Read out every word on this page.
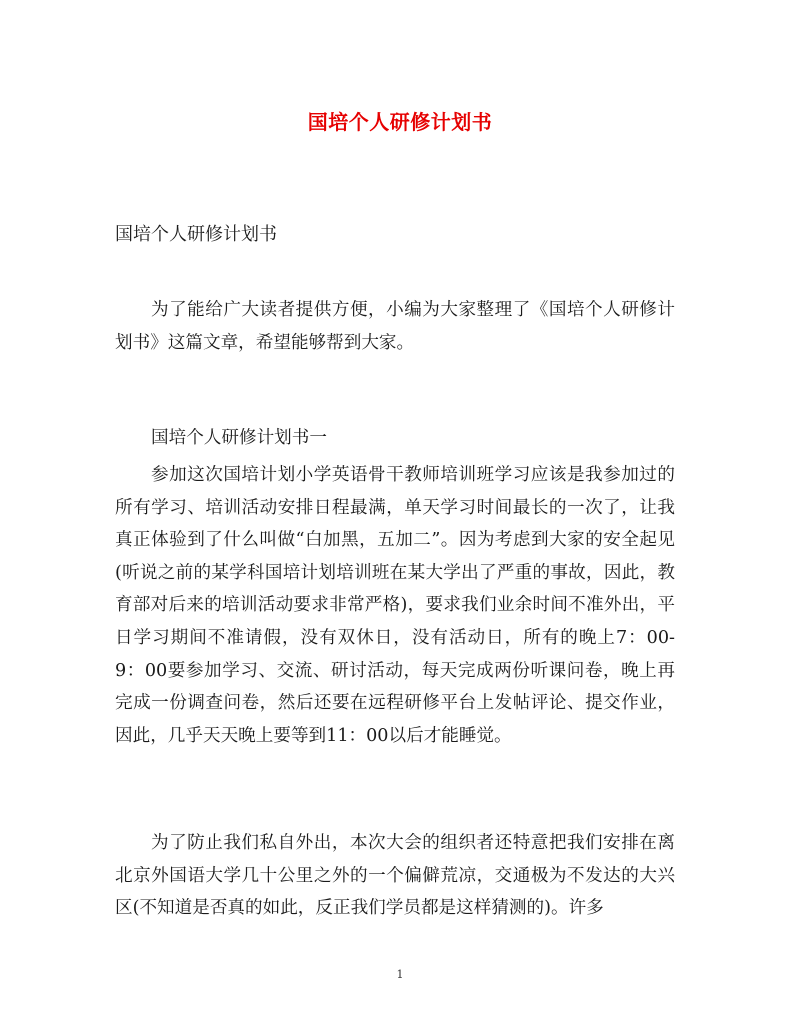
国培个人研修计划书
国培个人研修计划书

为了能给广大读者提供方便，小编为大家整理了《国培个人研修计划书》这篇文章，希望能够帮到大家。

国培个人研修计划书一

参加这次国培计划小学英语骨干教师培训班学习应该是我参加过的所有学习、培训活动安排日程最满，单天学习时间最长的一次了，让我真正体验到了什么叫做“白加黑，五加二”。因为考虑到大家的安全起见(听说之前的某学科国培计划培训班在某大学出了严重的事故，因此，教育部对后来的培训活动要求非常严格)，要求我们业余时间不准外出，平日学习期间不准请假，没有双休日，没有活动日，所有的晚上7：00-9：00要参加学习、交流、研讨活动，每天完成两份听课问卷，晚上再完成一份调查问卷，然后还要在远程研修平台上发帖评论、提交作业，因此，几乎天天晚上要等到11：00以后才能睡觉。

为了防止我们私自外出，本次大会的组织者还特意把我们安排在离北京外国语大学几十公里之外的一个偏僻荒凉，交通极为不发达的大兴区(不知道是否真的如此，反正我们学员都是这样猜测的)。许多

1
